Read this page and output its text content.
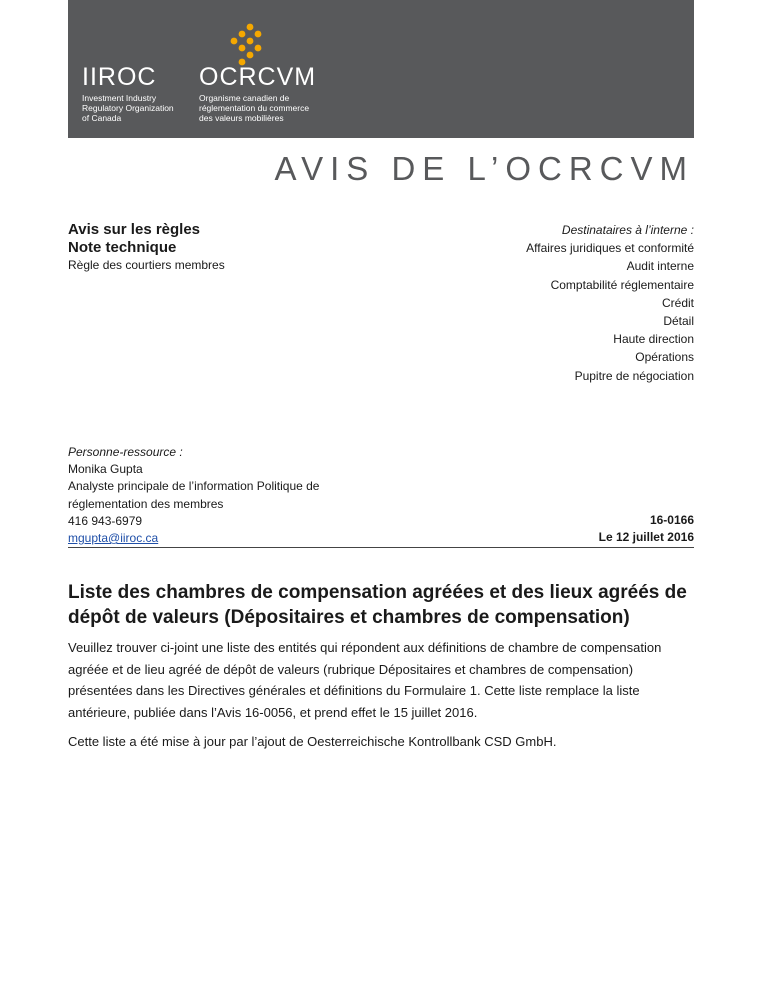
IIROC OCRCVM

Investment Industry
Regulatory Organization
of Canada

Organisme canadien de
réglementation du commerce
des valeurs mobilières

AVIS DE L’OCRCVM
Avis sur les règles
Note technique
Règle des courtiers membres
Destinataires à l’interne :
Affaires juridiques et conformité
Audit interne
Comptabilité réglementaire
Crédit
Détail
Haute direction
Opérations
Pupitre de négociation
Personne-ressource :
Monika Gupta
Analyste principale de l’information Politique de
réglementation des membres
416 943-6979
mgupta@iiroc.ca
16-0166
Le 12 juillet 2016
Liste des chambres de compensation agréées et des lieux agréés de dépôt de valeurs (Dépositaires et chambres de compensation)

Veuillez trouver ci-joint une liste des entités qui répondent aux définitions de chambre de compensation agréée et de lieu agréé de dépôt de valeurs (rubrique Dépositaires et chambres de compensation) présentées dans les Directives générales et définitions du Formulaire 1. Cette liste remplace la liste antérieure, publiée dans l’Avis 16-0056, et prend effet le 15 juillet 2016.

Cette liste a été mise à jour par l’ajout de Oesterreichische Kontrollbank CSD GmbH.
